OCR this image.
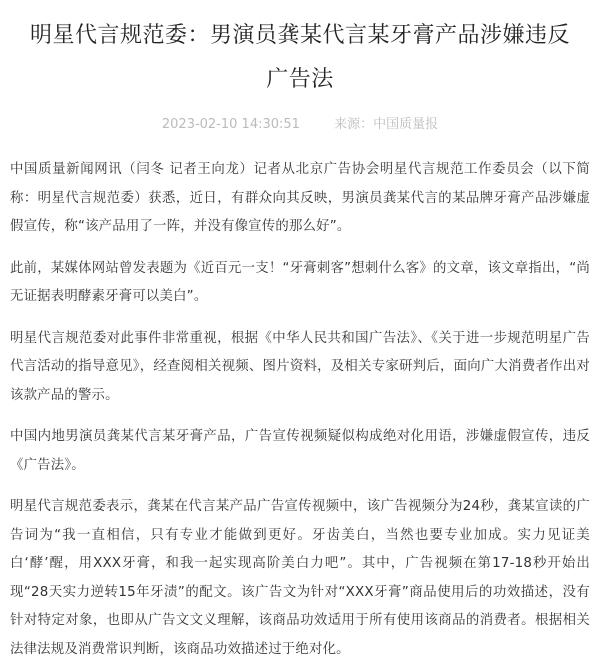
明星代言规范委：男演员龚某代言某牙膏产品涉嫌违反广告法
2023-02-10 14:30:51	来源：中国质量报

中国质量新闻网讯（闫冬 记者王向龙）记者从北京广告协会明星代言规范工作委员会（以下简称：明星代言规范委）获悉，近日，有群众向其反映，男演员龚某代言的某品牌牙膏产品涉嫌虚假宣传，称“该产品用了一阵，并没有像宣传的那么好”。

此前，某媒体网站曾发表题为《近百元一支！“牙膏刺客”想刺什么客》的文章，该文章指出，“尚无证据表明酵素牙膏可以美白”。

明星代言规范委对此事件非常重视，根据《中华人民共和国广告法》、《关于进一步规范明星广告代言活动的指导意见》，经查阅相关视频、图片资料，及相关专家研判后，面向广大消费者作出对该款产品的警示。

中国内地男演员龚某代言某牙膏产品，广告宣传视频疑似构成绝对化用语，涉嫌虚假宣传，违反《广告法》。

明星代言规范委表示，龚某在代言某产品广告宣传视频中，该广告视频分为24秒，龚某宣读的广告词为“我一直相信，只有专业才能做到更好。牙齿美白，当然也要专业加成。实力见证美白‘酵’醒，用XXX牙膏，和我一起实现高阶美白力吧”。其中，广告视频在第17-18秒开始出现“28天实力逆转15年牙渍”的配文。该广告文为针对“XXX牙膏”商品使用后的功效描述，没有针对特定对象，也即从广告文文义理解，该商品功效适用于所有使用该商品的消费者。根据相关法律法规及消费常识判断，该商品功效描述过于绝对化。
